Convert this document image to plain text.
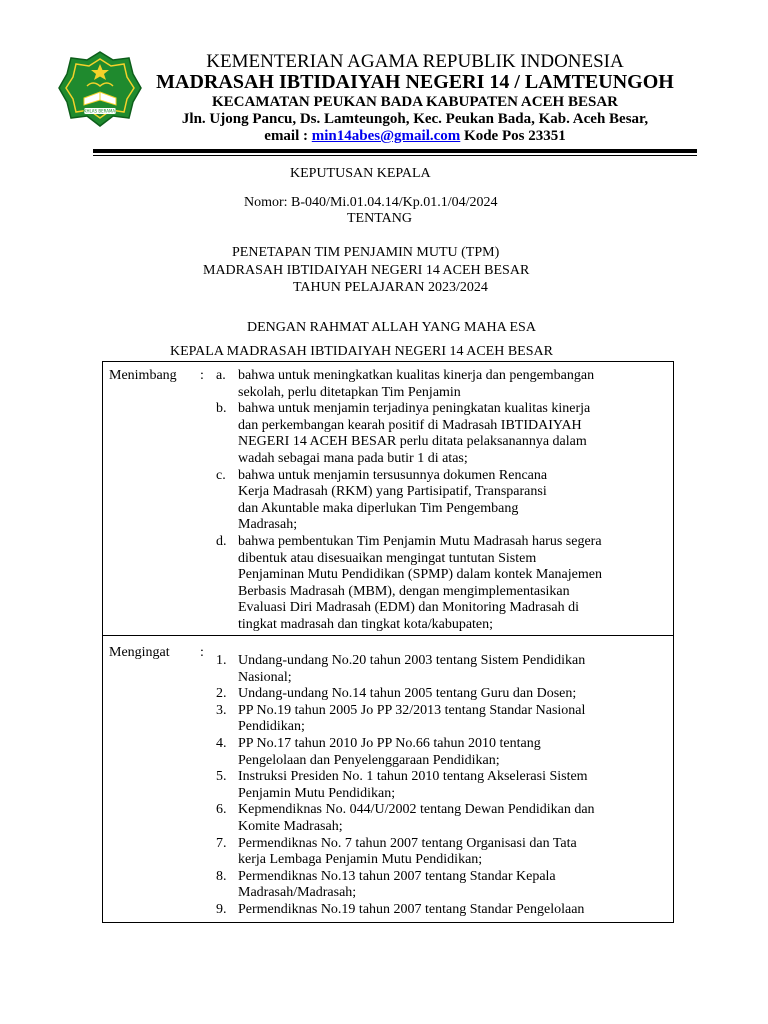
IKHLAS BERAMAL
KEMENTERIAN AGAMA REPUBLIK INDONESIA
MADRASAH IBTIDAIYAH NEGERI 14 / LAMTEUNGOH
KECAMATAN PEUKAN BADA KABUPATEN ACEH BESAR
Jln. Ujong Pancu, Ds. Lamteungoh, Kec. Peukan Bada, Kab. Aceh Besar,
email : min14abes@gmail.com Kode Pos 23351
KEPUTUSAN KEPALA
Nomor: B-040/Mi.01.04.14/Kp.01.1/04/2024
TENTANG
PENETAPAN TIM PENJAMIN MUTU (TPM)
MADRASAH IBTIDAIYAH NEGERI 14 ACEH BESAR
TAHUN PELAJARAN 2023/2024
DENGAN RAHMAT ALLAH YANG MAHA ESA
KEPALA MADRASAH IBTIDAIYAH NEGERI 14 ACEH BESAR
Menimbang : a. bahwa untuk meningkatkan kualitas kinerja dan pengembangan
sekolah, perlu ditetapkan Tim Penjamin
b. bahwa untuk menjamin terjadinya peningkatan kualitas kinerja
dan perkembangan kearah positif di Madrasah IBTIDAIYAH
NEGERI 14 ACEH BESAR perlu ditata pelaksanannya dalam
wadah sebagai mana pada butir 1 di atas;
c. bahwa untuk menjamin tersusunnya dokumen Rencana
Kerja Madrasah (RKM) yang Partisipatif, Transparansi
dan Akuntable maka diperlukan Tim Pengembang
Madrasah;
d. bahwa pembentukan Tim Penjamin Mutu Madrasah harus segera
dibentuk atau disesuaikan mengingat tuntutan Sistem
Penjaminan Mutu Pendidikan (SPMP) dalam kontek Manajemen
Berbasis Madrasah (MBM), dengan mengimplementasikan
Evaluasi Diri Madrasah (EDM) dan Monitoring Madrasah di
tingkat madrasah dan tingkat kota/kabupaten;
Mengingat :
1. Undang-undang No.20 tahun 2003 tentang Sistem Pendidikan
Nasional;
2. Undang-undang No.14 tahun 2005 tentang Guru dan Dosen;
3. PP No.19 tahun 2005 Jo PP 32/2013 tentang Standar Nasional
Pendidikan;
4. PP No.17 tahun 2010 Jo PP No.66 tahun 2010 tentang
Pengelolaan dan Penyelenggaraan Pendidikan;
5. Instruksi Presiden No. 1 tahun 2010 tentang Akselerasi Sistem
Penjamin Mutu Pendidikan;
6. Kepmendiknas No. 044/U/2002 tentang Dewan Pendidikan dan
Komite Madrasah;
7. Permendiknas No. 7 tahun 2007 tentang Organisasi dan Tata
kerja Lembaga Penjamin Mutu Pendidikan;
8. Permendiknas No.13 tahun 2007 tentang Standar Kepala
Madrasah/Madrasah;
9. Permendiknas No.19 tahun 2007 tentang Standar Pengelolaan
